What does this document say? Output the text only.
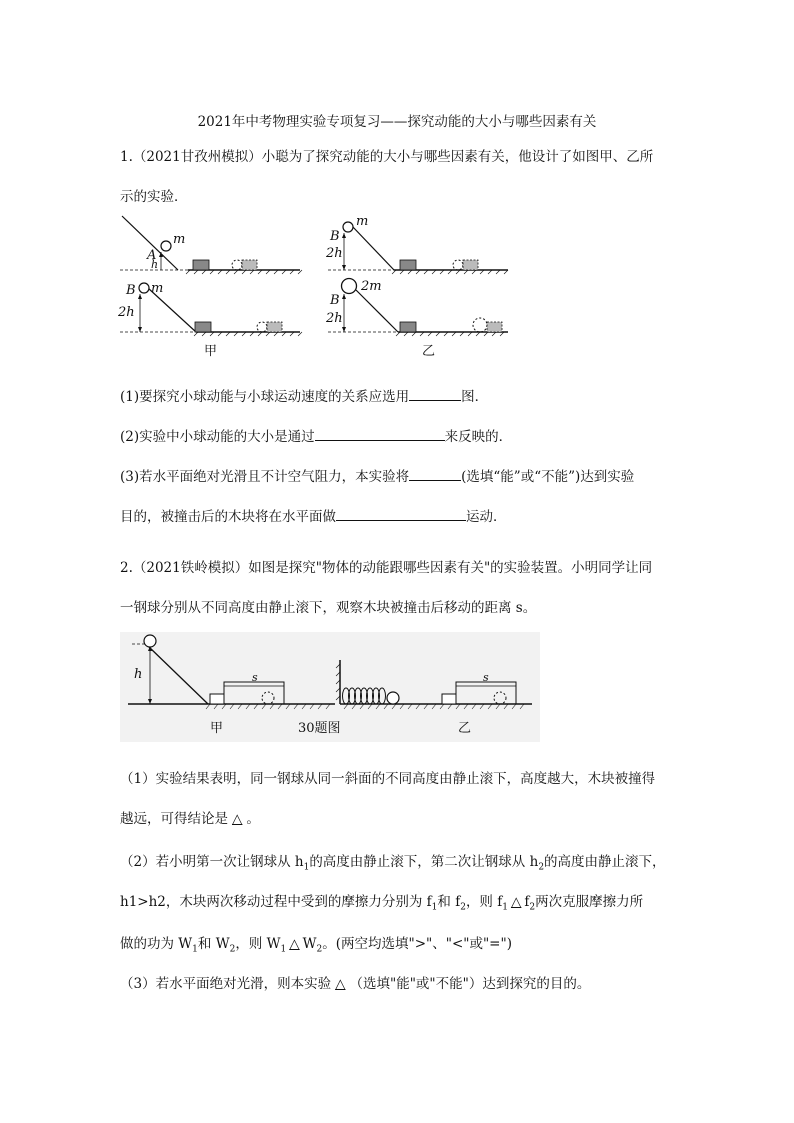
2021年中考物理实验专项复习——探究动能的大小与哪些因素有关
1.（2021甘孜州模拟）小聪为了探究动能的大小与哪些因素有关，他设计了如图甲、乙所
示的实验．
m
A
h
B m
2h
甲
B
m
2h
B
2m
2h
乙
(1)要探究小球动能与小球运动速度的关系应选用	图．
(2)实验中小球动能的大小是通过	来反映的．
(3)若水平面绝对光滑且不计空气阻力，本实验将	(选填“能”或“不能”)达到实验
目的，被撞击后的木块将在水平面做	运动．
2.（2021铁岭模拟）如图是探究"物体的动能跟哪些因素有关"的实验装置。小明同学让同
一钢球分别从不同高度由静止滚下，观察木块被撞击后移动的距离 s。
h	s
甲	30题图
s
乙
（1）实验结果表明，同一钢球从同一斜面的不同高度由静止滚下，高度越大，木块被撞得
越远，可得结论是 △ 。
（2）若小明第一次让钢球从 $h_1$的高度由静止滚下，第二次让钢球从 $h_2$的高度由静止滚下，
h1>h2，木块两次移动过程中受到的摩擦力分别为 $f_1$和 $f_2$，则 $f_1$ △ $f_2$两次克服摩擦力所
做的功为 $W_1$和 $W_2$，则 $W_1$ △ $W_2$。(两空均选填">"、"<"或"=")
（3）若水平面绝对光滑，则本实验 △ （选填"能"或"不能"）达到探究的目的。
